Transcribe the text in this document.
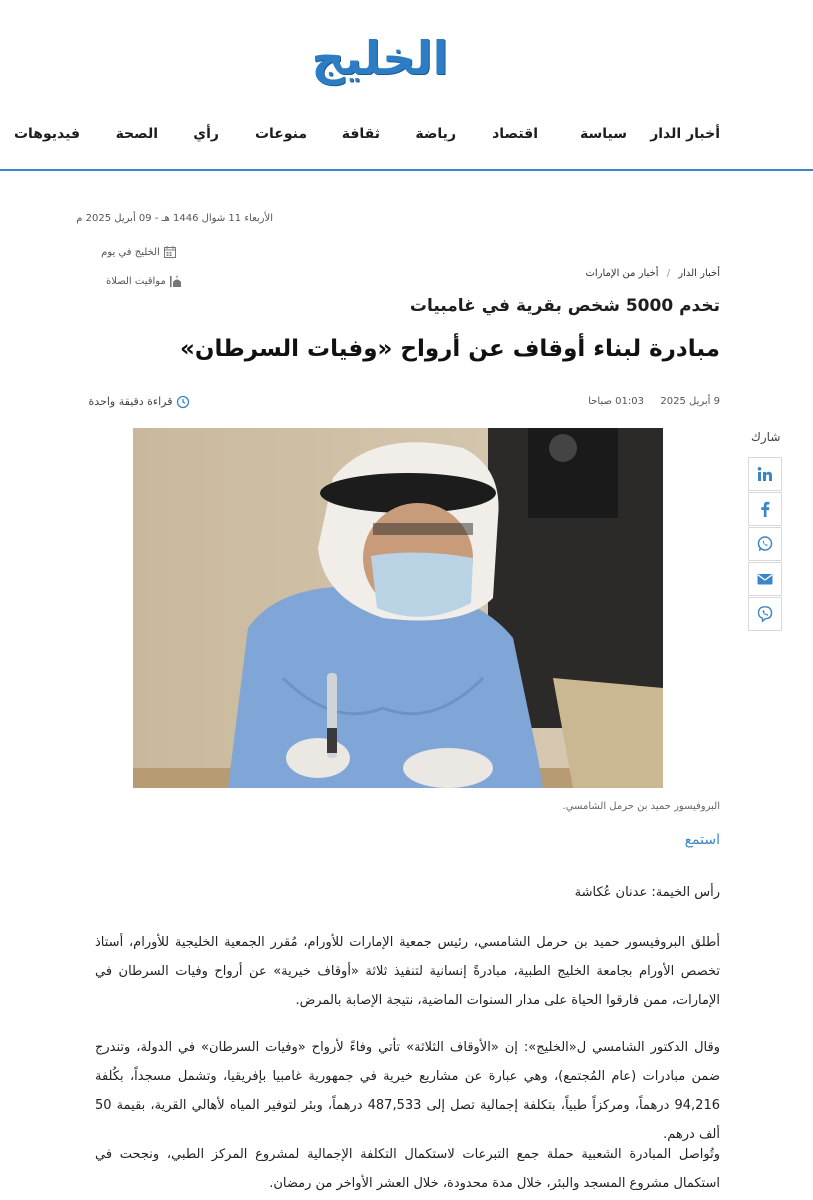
الخليج
أخبار الدار
سياسة
اقتصاد
رياضة
ثقافة
منوعات
رأي
الصحة
فيديوهات
الأربعاء 11 شوال 1446 هـ - 09 أبريل 2025 م
الخليج في يوم
مواقيت الصلاة
أخبار الدار / أخبار من الإمارات
تخدم 5000 شخص بقرية في غامبيات
مبادرة لبناء أوقاف عن أرواح «وفيات السرطان»
9 أبريل 2025  01:03 صباحا
قراءة دقيقة واحدة
شارك
البروفيسور حميد بن حرمل الشامسي.
استمع
رأس الخيمة: عدنان عُكاشة
أطلق البروفيسور حميد بن حرمل الشامسي، رئيس جمعية الإمارات للأورام، مُقرر الجمعية الخليجية للأورام، أستاذ تخصص الأورام بجامعة الخليج الطبية، مبادرةً إنسانية لتنفيذ ثلاثة «أوقاف خيرية» عن أرواح وفيات السرطان في الإمارات، ممن فارقوا الحياة على مدار السنوات الماضية، نتيجة الإصابة بالمرض.
وقال الدكتور الشامسي ل«الخليج»: إن «الأوقاف الثلاثة» تأتي وفاءً لأرواح «وفيات السرطان» في الدولة، وتندرج ضمن مبادرات (عام المُجتمع)، وهي عبارة عن مشاريع خيرية في جمهورية غامبيا بإفريقيا، وتشمل مسجداً، بكُلفة 94,216 درهماً، ومركزاً طبياً، بتكلفة إجمالية تصل إلى 487,533 درهماً، وبئر لتوفير المياه لأهالي القرية، بقيمة 50 ألف درهم.
وتُواصل المبادرة الشعبية حملة جمع التبرعات لاستكمال التكلفة الإجمالية لمشروع المركز الطبي، ونجحت في استكمال مشروع المسجد والبئر، خلال مدة محدودة، خلال العشر الأواخر من رمضان.
